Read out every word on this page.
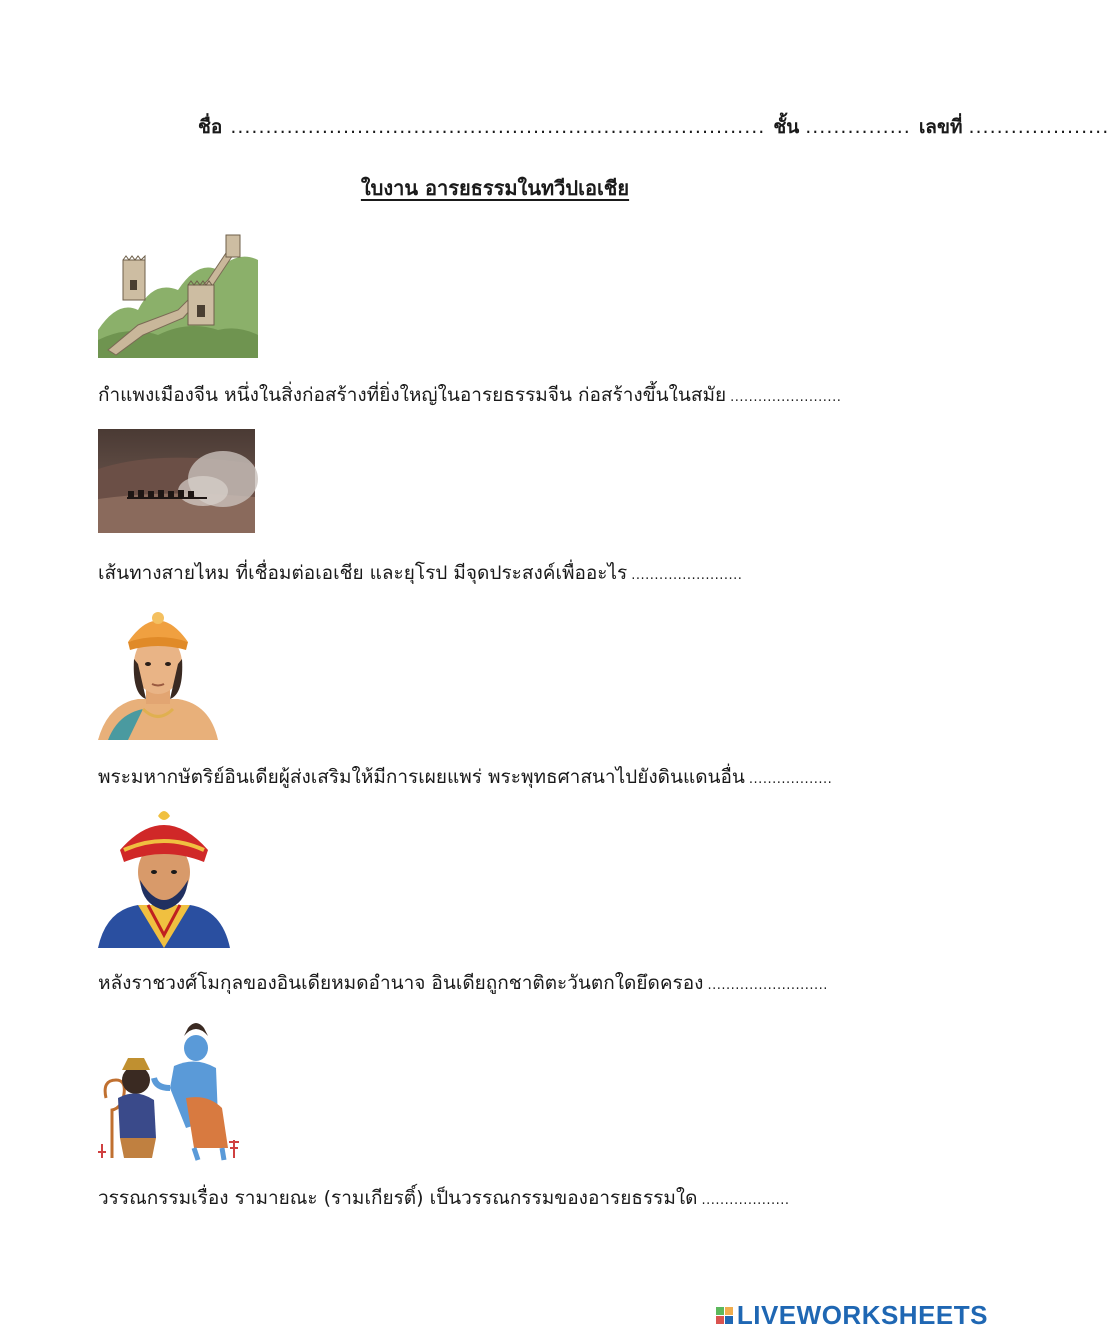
ชื่อ ............................................................................ ชั้น ............... เลขที่ ....................
ใบงาน อารยธรรมในทวีปเอเชีย
กำแพงเมืองจีน หนึ่งในสิ่งก่อสร้างที่ยิ่งใหญ่ในอารยธรรมจีน ก่อสร้างขึ้นในสมัย ........................
เส้นทางสายไหม ที่เชื่อมต่อเอเชีย และยุโรป มีจุดประสงค์เพื่ออะไร ........................
พระมหากษัตริย์อินเดียผู้ส่งเสริมให้มีการเผยแพร่ พระพุทธศาสนาไปยังดินแดนอื่น ..................
หลังราชวงศ์โมกุลของอินเดียหมดอำนาจ อินเดียถูกชาติตะวันตกใดยึดครอง ..........................
วรรณกรรมเรื่อง รามายณะ (รามเกียรติ์) เป็นวรรณกรรมของอารยธรรมใด ...................
LIVEWORKSHEETS
